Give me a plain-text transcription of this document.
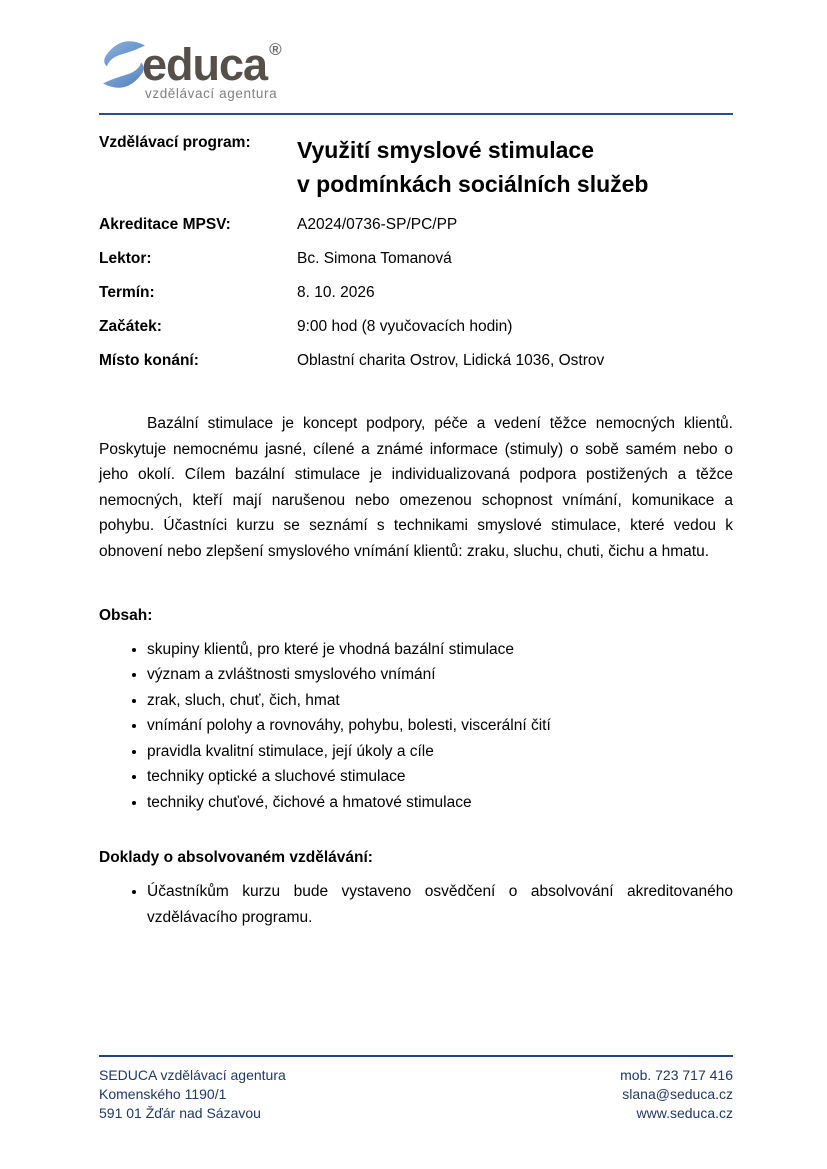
educa ®
vzdělávací agentura
Vzdělávací program:	Využití smyslové stimulace
v podmínkách sociálních služeb
Akreditace MPSV:	A2024/0736-SP/PC/PP
Lektor:	Bc. Simona Tomanová
Termín:	8. 10. 2026
Začátek:	9:00 hod (8 vyučovacích hodin)
Místo konání:	Oblastní charita Ostrov, Lidická 1036, Ostrov

Bazální stimulace je koncept podpory, péče a vedení těžce nemocných klientů. Poskytuje nemocnému jasné, cílené a známé informace (stimuly) o sobě samém nebo o jeho okolí. Cílem bazální stimulace je individualizovaná podpora postižených a těžce nemocných, kteří mají narušenou nebo omezenou schopnost vnímání, komunikace a pohybu. Účastníci kurzu se seznámí s technikami smyslové stimulace, které vedou k obnovení nebo zlepšení smyslového vnímání klientů: zraku, sluchu, chuti, čichu a hmatu.

Obsah:
• skupiny klientů, pro které je vhodná bazální stimulace
• význam a zvláštnosti smyslového vnímání
• zrak, sluch, chuť, čich, hmat
• vnímání polohy a rovnováhy, pohybu, bolesti, viscerální čití
• pravidla kvalitní stimulace, její úkoly a cíle
• techniky optické a sluchové stimulace
• techniky chuťové, čichové a hmatové stimulace
Doklady o absolvovaném vzdělávání:
• Účastníkům kurzu bude vystaveno osvědčení o absolvování akreditovaného vzdělávacího programu.
SEDUCA vzdělávací agentura
Komenského 1190/1
591 01 Žďár nad Sázavou
mob. 723 717 416
slana@seduca.cz
www.seduca.cz
